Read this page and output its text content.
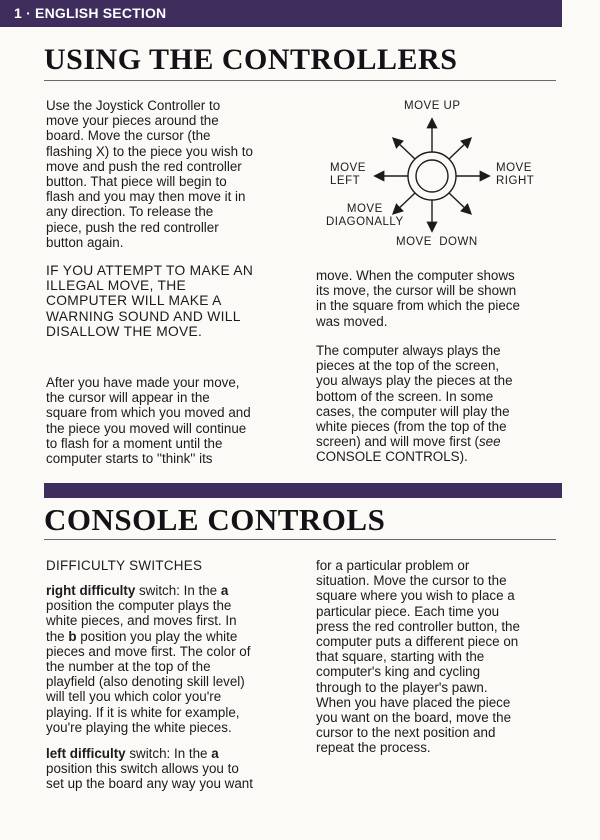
1 · ENGLISH SECTION
USING THE CONTROLLERS
Use the Joystick Controller to
move your pieces around the
board. Move the cursor (the
flashing X) to the piece you wish to
move and push the red controller
button. That piece will begin to
flash and you may then move it in
any direction. To release the
piece, push the red controller
button again.
IF YOU ATTEMPT TO MAKE AN
ILLEGAL MOVE, THE
COMPUTER WILL MAKE A
WARNING SOUND AND WILL
DISALLOW THE MOVE.
After you have made your move,
the cursor will appear in the
square from which you moved and
the piece you moved will continue
to flash for a moment until the
computer starts to ''think'' its
MOVE UP
MOVE
LEFT
MOVE
RIGHT
MOVE
DIAGONALLY
MOVE  DOWN
move. When the computer shows
its move, the cursor will be shown
in the square from which the piece
was moved.
The computer always plays the
pieces at the top of the screen,
you always play the pieces at the
bottom of the screen. In some
cases, the computer will play the
white pieces (from the top of the
screen) and will move first (see
CONSOLE CONTROLS).
CONSOLE CONTROLS
DIFFICULTY SWITCHES
right difficulty switch: In the a
position the computer plays the
white pieces, and moves first. In
the b position you play the white
pieces and move first. The color of
the number at the top of the
playfield (also denoting skill level)
will tell you which color you're
playing. If it is white for example,
you're playing the white pieces.
left difficulty switch: In the a
position this switch allows you to
set up the board any way you want
for a particular problem or
situation. Move the cursor to the
square where you wish to place a
particular piece. Each time you
press the red controller button, the
computer puts a different piece on
that square, starting with the
computer's king and cycling
through to the player's pawn.
When you have placed the piece
you want on the board, move the
cursor to the next position and
repeat the process.
